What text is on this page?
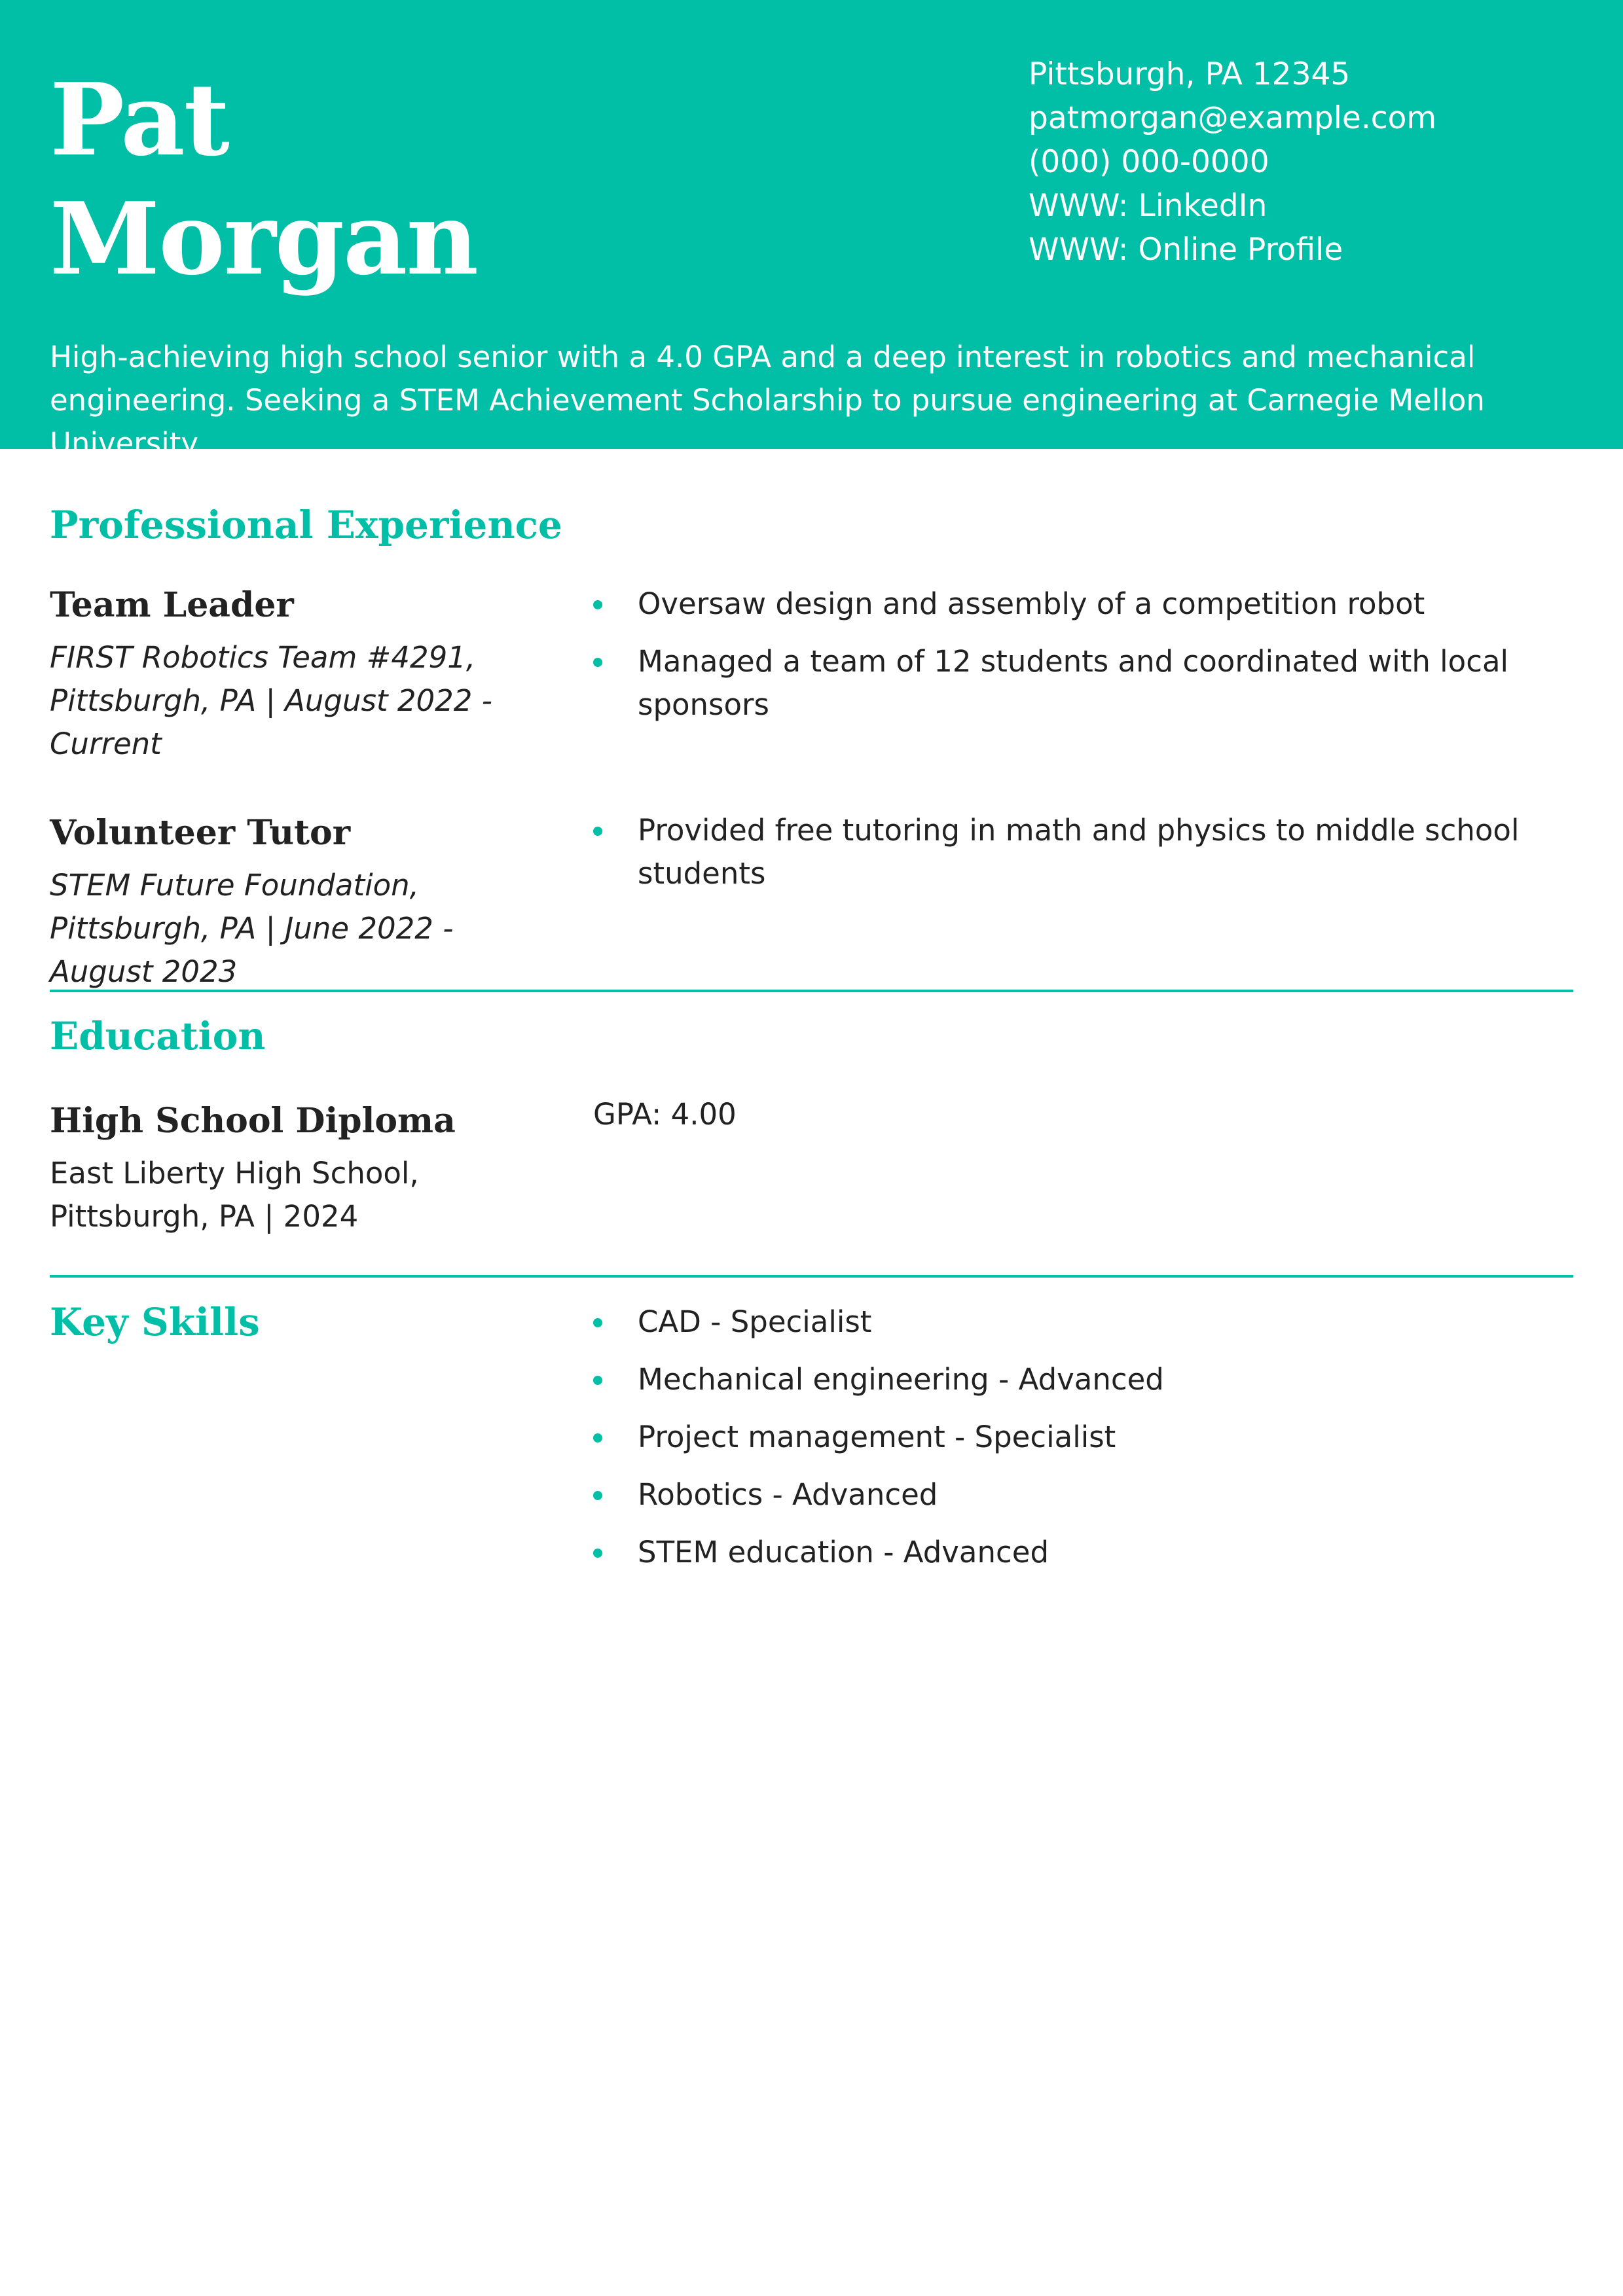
Pat
Morgan
Pittsburgh, PA 12345
patmorgan@example.com
(000) 000-0000
WWW: LinkedIn
WWW: Online Profile

High-achieving high school senior with a 4.0 GPA and a deep interest in robotics and mechanical engineering. Seeking a STEM Achievement Scholarship to pursue engineering at Carnegie Mellon University.

Professional Experience
Team Leader
FIRST Robotics Team #4291, Pittsburgh, PA | August 2022 - Current
Oversaw design and assembly of a competition robot
Managed a team of 12 students and coordinated with local sponsors
Volunteer Tutor
STEM Future Foundation, Pittsburgh, PA | June 2022 - August 2023
Provided free tutoring in math and physics to middle school students
Education
High School Diploma
East Liberty High School, Pittsburgh, PA | 2024
GPA: 4.00
Key Skills	CAD - Specialist
Mechanical engineering - Advanced
Project management - Specialist
Robotics - Advanced
STEM education - Advanced
